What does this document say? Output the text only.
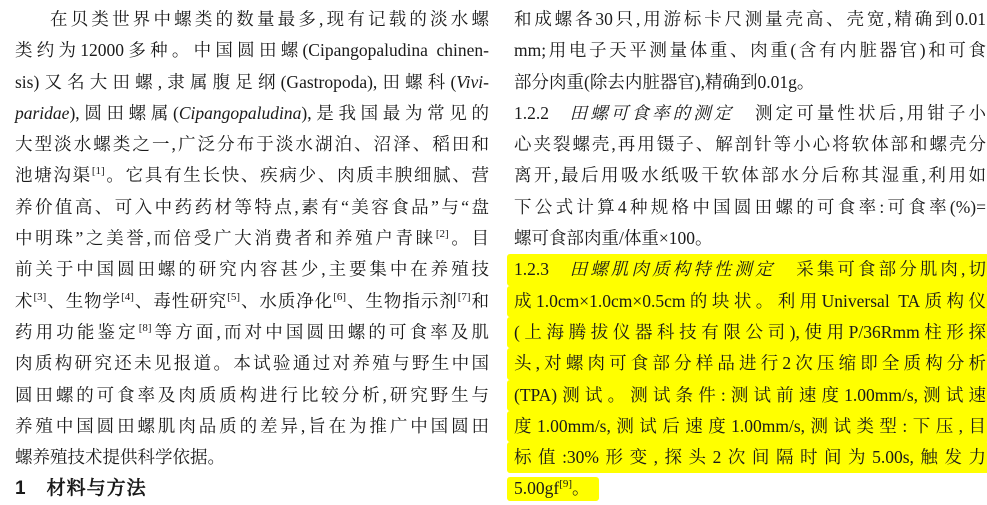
在贝类世界中螺类的数量最多,现有记载的淡水螺
类约为12000多种。中国圆田螺(Cipangopaludina chinen-
sis)又名大田螺,隶属腹足纲(Gastropoda),田螺科(Vivi-
paridae),圆田螺属(Cipangopaludina),是我国最为常见的
大型淡水螺类之一,广泛分布于淡水湖泊、沼泽、稻田和
池塘沟渠[1]。它具有生长快、疾病少、肉质丰腴细腻、营
养价值高、可入中药药材等特点,素有“美容食品”与“盘
中明珠”之美誉,而倍受广大消费者和养殖户青睐[2]。目
前关于中国圆田螺的研究内容甚少,主要集中在养殖技
术[3]、生物学[4]、毒性研究[5]、水质净化[6]、生物指示剂[7]和
药用功能鉴定[8]等方面,而对中国圆田螺的可食率及肌
肉质构研究还未见报道。本试验通过对养殖与野生中国
圆田螺的可食率及肉质质构进行比较分析,研究野生与
养殖中国圆田螺肌肉品质的差异,旨在为推广中国圆田
螺养殖技术提供科学依据。
1 材料与方法
和成螺各30只,用游标卡尺测量壳高、壳宽,精确到0.01
mm;用电子天平测量体重、肉重(含有内脏器官)和可食
部分肉重(除去内脏器官),精确到0.01g。
1.2.2 田螺可食率的测定 测定可量性状后,用钳子小
心夹裂螺壳,再用镊子、解剖针等小心将软体部和螺壳分
离开,最后用吸水纸吸干软体部水分后称其湿重,利用如
下公式计算4种规格中国圆田螺的可食率:可食率(%)=
螺可食部肉重/体重×100。
1.2.3 田螺肌肉质构特性测定 采集可食部分肌肉,切
成1.0cm×1.0cm×0.5cm的块状。利用Universal TA质构仪
(上海腾拔仪器科技有限公司),使用P/36Rmm柱形探
头,对螺肉可食部分样品进行2次压缩即全质构分析
(TPA)测试。测试条件:测试前速度1.00mm/s,测试速
度1.00mm/s,测试后速度1.00mm/s,测试类型:下压,目
标值:30%形变,探头2次间隔时间为5.00s,触发力
5.00gf[9]。
